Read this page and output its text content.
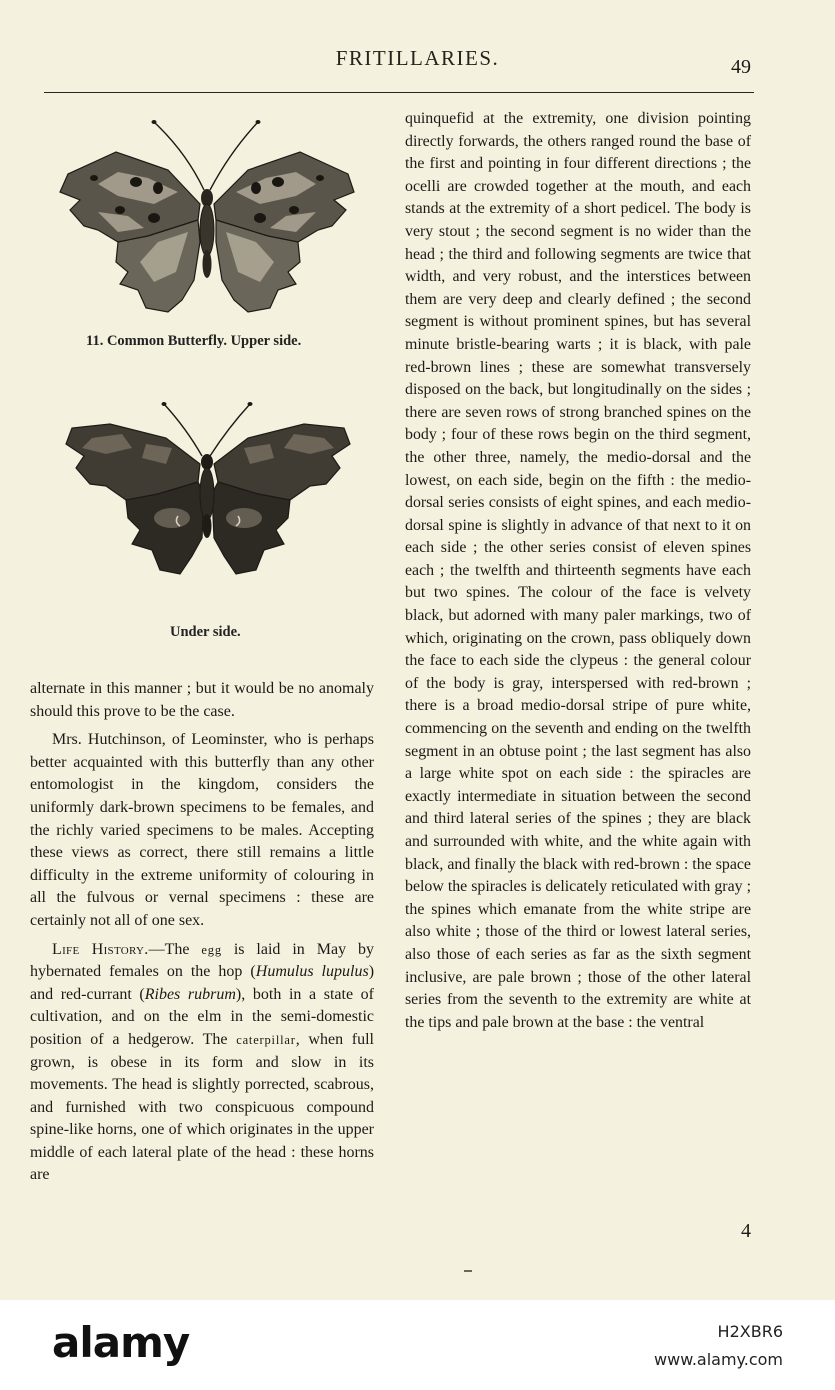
FRITILLARIES.	49
11. Common Butterfly. Upper side.
Under side.

alternate in this manner ; but it would be no anomaly should this prove to be the case.

Mrs. Hutchinson, of Leominster, who is perhaps better acquainted with this butterfly than any other entomologist in the kingdom, considers the uniformly dark-brown specimens to be females, and the richly varied specimens to be males. Accepting these views as correct, there still remains a little difficulty in the extreme uniformity of colouring in all the fulvous or vernal specimens : these are certainly not all of one sex.

Life History.—The egg is laid in May by hybernated females on the hop (Humulus lupulus) and red-currant (Ribes rubrum), both in a state of cultivation, and on the elm in the semi-domestic position of a hedgerow. The caterpillar, when full grown, is obese in its form and slow in its movements. The head is slightly porrected, scabrous, and furnished with two conspicuous compound spine-like horns, one of which originates in the upper middle of each lateral plate of the head : these horns are

quinquefid at the extremity, one division pointing directly forwards, the others ranged round the base of the first and pointing in four different directions ; the ocelli are crowded together at the mouth, and each stands at the extremity of a short pedicel. The body is very stout ; the second segment is no wider than the head ; the third and following segments are twice that width, and very robust, and the interstices between them are very deep and clearly defined ; the second segment is without prominent spines, but has several minute bristle-bearing warts ; it is black, with pale red-brown lines ; these are somewhat transversely disposed on the back, but longitudinally on the sides ; there are seven rows of strong branched spines on the body ; four of these rows begin on the third segment, the other three, namely, the medio-dorsal and the lowest, on each side, begin on the fifth : the medio-dorsal series consists of eight spines, and each medio-dorsal spine is slightly in advance of that next to it on each side ; the other series consist of eleven spines each ; the twelfth and thirteenth segments have each but two spines. The colour of the face is velvety black, but adorned with many paler markings, two of which, originating on the crown, pass obliquely down the face to each side the clypeus : the general colour of the body is gray, interspersed with red-brown ; there is a broad medio-dorsal stripe of pure white, commencing on the seventh and ending on the twelfth segment in an obtuse point ; the last segment has also a large white spot on each side : the spiracles are exactly intermediate in situation between the second and third lateral series of the spines ; they are black and surrounded with white, and the white again with black, and finally the black with red-brown : the space below the spiracles is delicately reticulated with gray ; the spines which emanate from the white stripe are also white ; those of the third or lowest lateral series, also those of each series as far as the sixth segment inclusive, are pale brown ; those of the other lateral series from the seventh to the extremity are white at the tips and pale brown at the base : the ventral

4
alamy	H2XBR6
www.alamy.com
